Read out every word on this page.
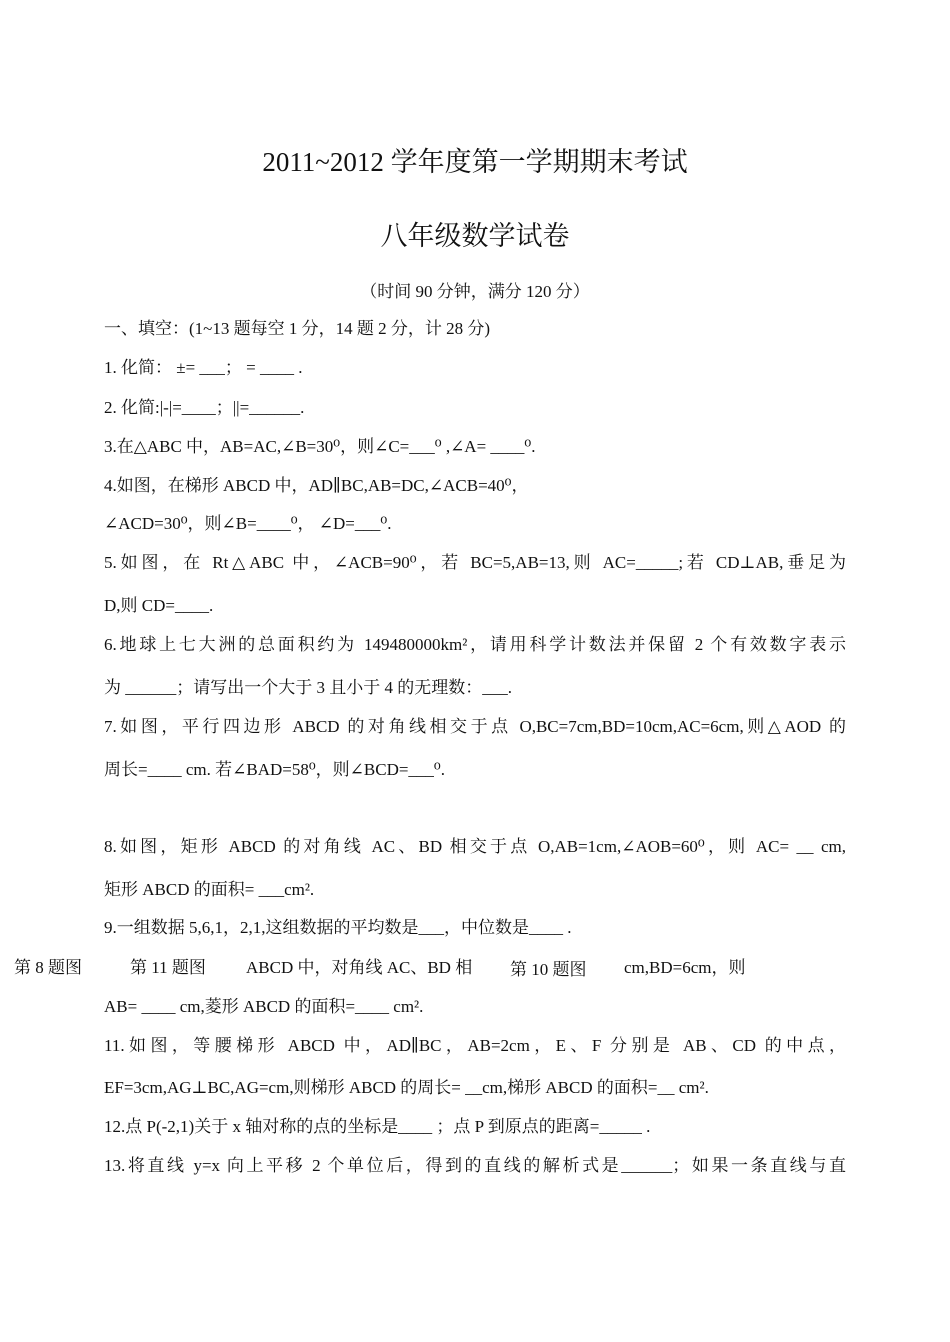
2011~2012 学年度第一学期期末考试
八年级数学试卷
（时间 90 分钟，满分 120 分）
一、填空：(1~13 题每空 1 分，14 题 2 分，计 28 分)
1. 化简： ±= ___； = ____ .
2. 化简:|-|=____；||=______.
3.在△ABC 中，AB=AC,∠B=30⁰，则∠C=___⁰ ,∠A= ____⁰.
4.如图，在梯形 ABCD 中，AD∥BC,AB=DC,∠ACB=40⁰，
∠ACD=30⁰，则∠B=____⁰， ∠D=___⁰.
5.如图，在 Rt△ABC 中，∠ACB=90⁰，若 BC=5,AB=13,则 AC=_____;若 CD⊥AB,垂足为
D,则 CD=____.
6.地球上七大洲的总面积约为 149480000km²，请用科学计数法并保留 2 个有效数字表示
为 ______；请写出一个大于 3 且小于 4 的无理数：___.
7.如图，平行四边形 ABCD 的对角线相交于点 O,BC=7cm,BD=10cm,AC=6cm,则△AOD 的
周长=____ cm. 若∠BAD=58⁰，则∠BCD=___⁰.
8.如图，矩形 ABCD 的对角线 AC、BD 相交于点 O,AB=1cm,∠AOB=60⁰，则 AC= __ cm,
矩形 ABCD 的面积= ___cm².
9.一组数据 5,6,1，2,1,这组数据的平均数是___，中位数是____ .
ABCD 中，对角线 AC、BD 相	cm,BD=6cm，则
第 8 题图	第 11 题图	第 10 题图
AB= ____ cm,菱形 ABCD 的面积=____ cm².
11.如图，等腰梯形 ABCD 中，AD∥BC，AB=2cm，E、F 分别是 AB、CD 的中点，
EF=3cm,AG⊥BC,AG=cm,则梯形 ABCD 的周长= __cm,梯形 ABCD 的面积=__ cm².
12.点 P(-2,1)关于 x 轴对称的点的坐标是____ ；点 P 到原点的距离=_____ .
13.将直线 y=x 向上平移 2 个单位后，得到的直线的解析式是______；如果一条直线与直
